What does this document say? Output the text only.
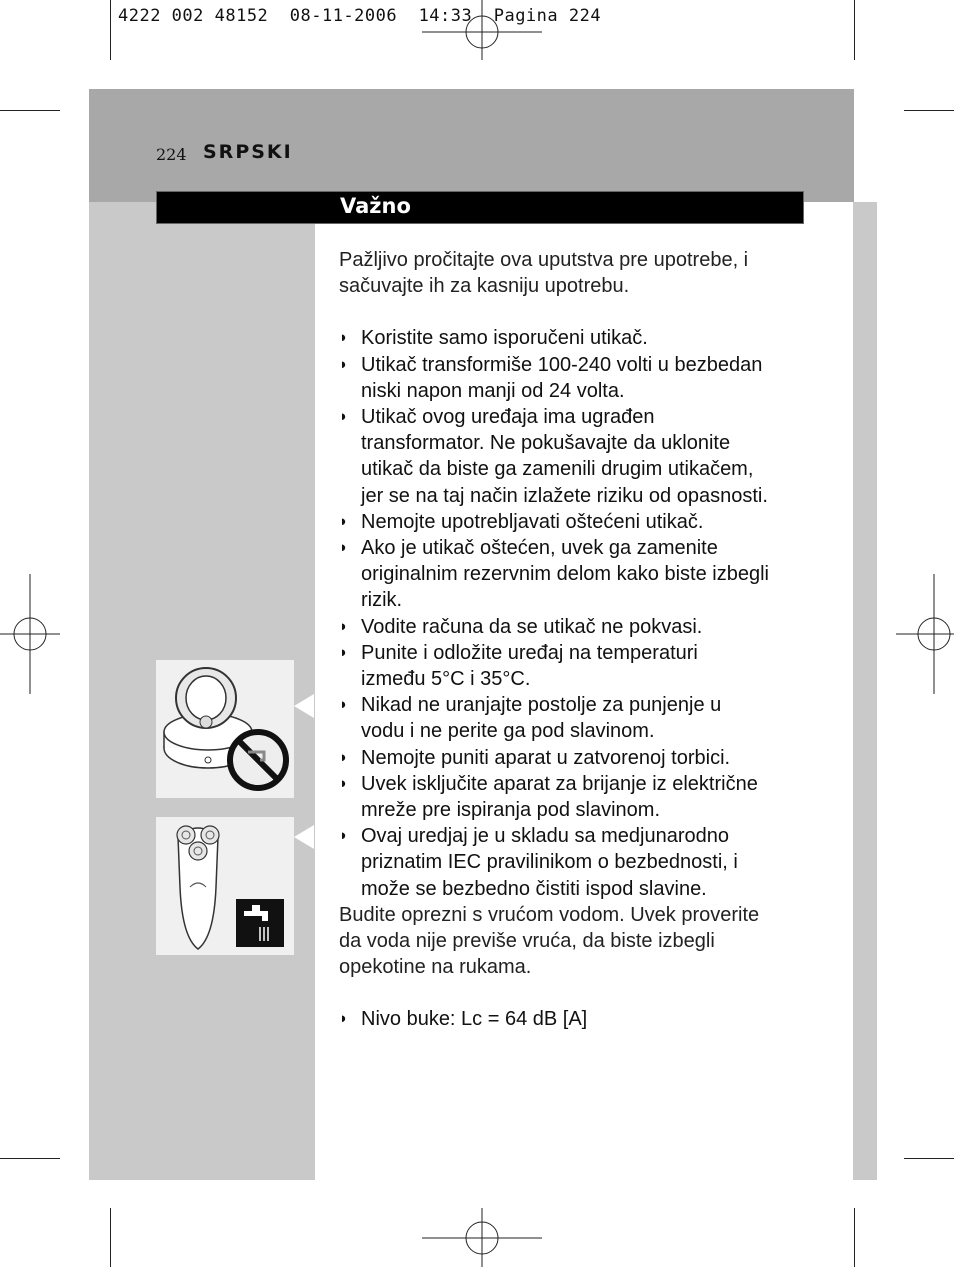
4222 002 48152  08-11-2006  14:33  Pagina 224
224 SRPSKI
Važno

Pažljivo pročitajte ova uputstva pre upotrebe, i sačuvajte ih za kasniju upotrebu.

◗ Koristite samo isporučeni utikač.
◗ Utikač transformiše 100-240 volti u bezbedan
niski napon manji od 24 volta.
◗ Utikač ovog uređaja ima ugrađen
transformator. Ne pokušavajte da uklonite
utikač da biste ga zamenili drugim utikačem,
jer se na taj način izlažete riziku od opasnosti.
◗ Nemojte upotrebljavati oštećeni utikač.
◗ Ako je utikač oštećen, uvek ga zamenite
originalnim rezervnim delom kako biste izbegli
rizik.
◗ Vodite računa da se utikač ne pokvasi.
◗ Punite i odložite uređaj na temperaturi
između 5°C i 35°C.
◗ Nikad ne uranjajte postolje za punjenje u
vodu i ne perite ga pod slavinom.
◗ Nemojte puniti aparat u zatvorenoj torbici.
◗ Uvek isključite aparat za brijanje iz električne
mreže pre ispiranja pod slavinom.
◗ Ovaj uredjaj je u skladu sa medjunarodno
priznatim IEC pravilinikom o bezbednosti, i
može se bezbedno čistiti ispod slavine.

Budite oprezni s vrućom vodom. Uvek proverite
da voda nije previše vruća, da biste izbegli
opekotine na rukama.

◗ Nivo buke: Lc = 64 dB [A]
